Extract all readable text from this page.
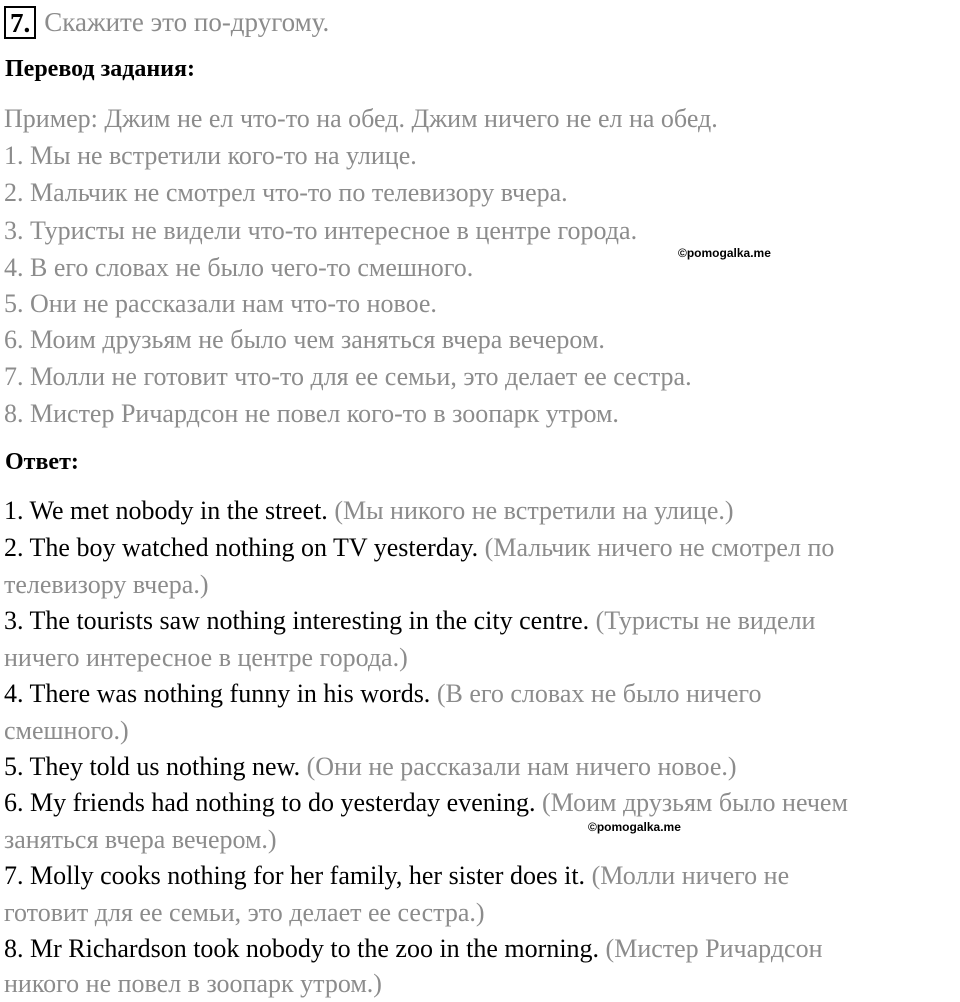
7. Скажите это по-другому.
Перевод задания:
Пример: Джим не ел что-то на обед. Джим ничего не ел на обед.
1. Мы не встретили кого-то на улице.
2. Мальчик не смотрел что-то по телевизору вчера.
3. Туристы не видели что-то интересное в центре города.
4. В его словах не было чего-то смешного.
5. Они не рассказали нам что-то новое.
6. Моим друзьям не было чем заняться вчера вечером.
7. Молли не готовит что-то для ее семьи, это делает ее сестра.
8. Мистер Ричардсон не повел кого-то в зоопарк утром.
©pomogalka.me
Ответ:
1. We met nobody in the street. (Мы никого не встретили на улице.)
2. The boy watched nothing on TV yesterday. (Мальчик ничего не смотрел по
телевизору вчера.)
3. The tourists saw nothing interesting in the city centre. (Туристы не видели
ничего интересное в центре города.)
4. There was nothing funny in his words. (В его словах не было ничего
смешного.)
5. They told us nothing new. (Они не рассказали нам ничего новое.)
6. My friends had nothing to do yesterday evening. (Моим друзьям было нечем
заняться вчера вечером.)	©pomogalka.me
7. Molly cooks nothing for her family, her sister does it. (Молли ничего не
готовит для ее семьи, это делает ее сестра.)
8. Mr Richardson took nobody to the zoo in the morning. (Мистер Ричардсон
никого не повел в зоопарк утром.)
